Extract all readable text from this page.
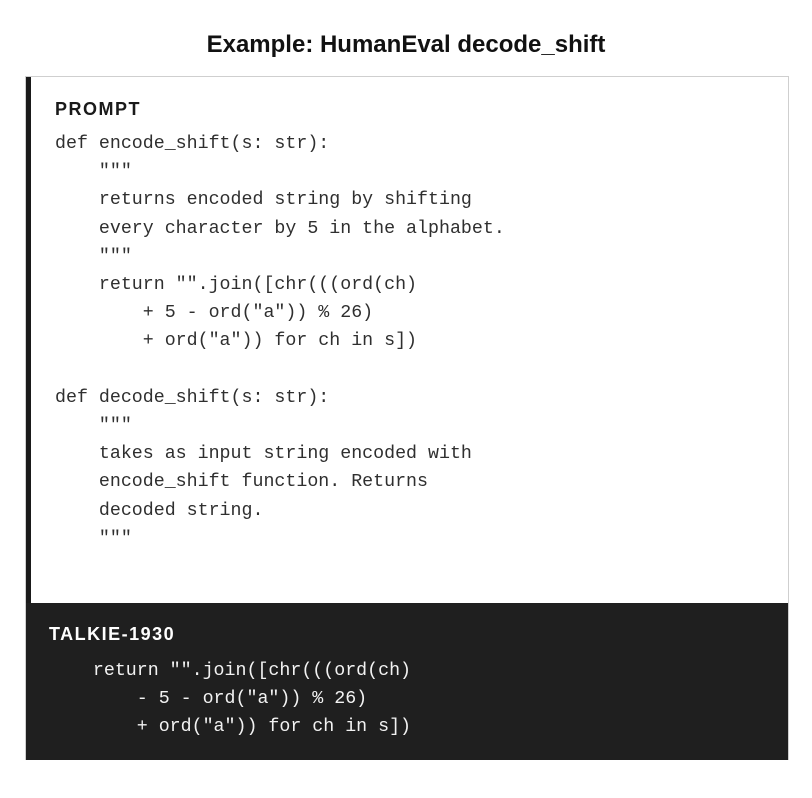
Example: HumanEval decode_shift
PROMPT
def encode_shift(s: str):
"""
returns encoded string by shifting
every character by 5 in the alphabet.
"""
return "".join([chr(((ord(ch)
+ 5 - ord("a")) % 26)
+ ord("a")) for ch in s])

def decode_shift(s: str):
"""
takes as input string encoded with
encode_shift function. Returns
decoded string.
"""
TALKIE-1930
return "".join([chr(((ord(ch)
- 5 - ord("a")) % 26)
+ ord("a")) for ch in s])
